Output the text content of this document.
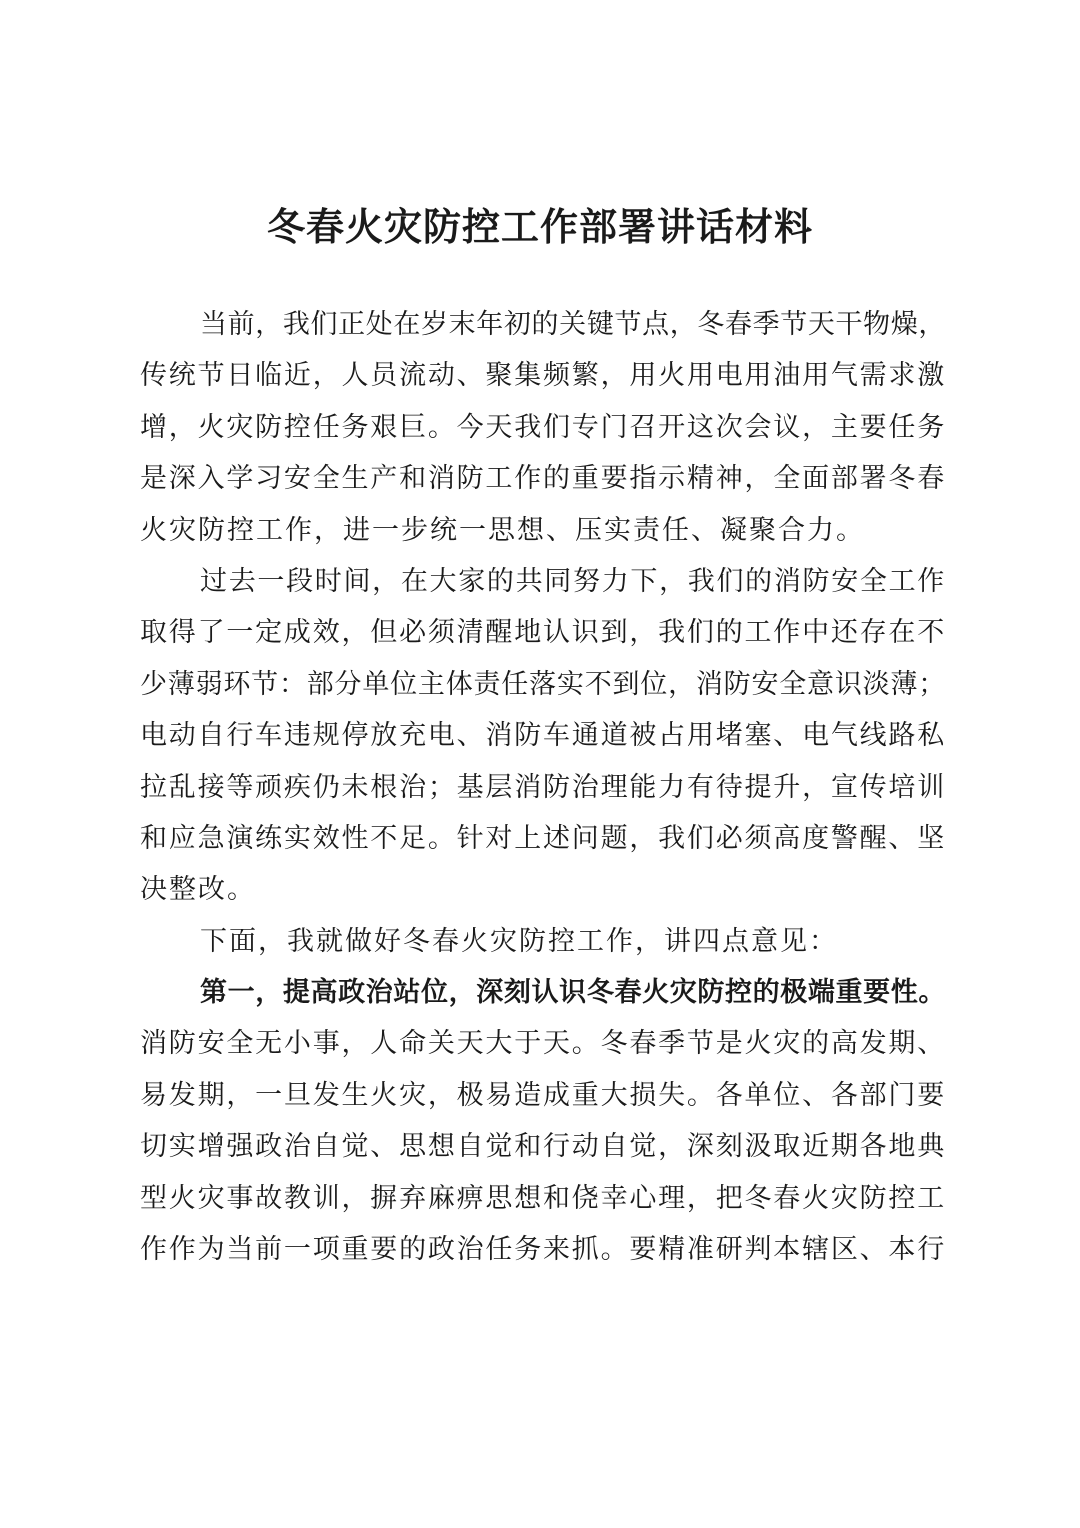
冬春火灾防控工作部署讲话材料
当前，我们正处在岁末年初的关键节点，冬春季节天干物燥，
传统节日临近，人员流动、聚集频繁，用火用电用油用气需求激
增，火灾防控任务艰巨。今天我们专门召开这次会议，主要任务
是深入学习安全生产和消防工作的重要指示精神，全面部署冬春
火灾防控工作，进一步统一思想、压实责任、凝聚合力。
过去一段时间，在大家的共同努力下，我们的消防安全工作
取得了一定成效，但必须清醒地认识到，我们的工作中还存在不
少薄弱环节：部分单位主体责任落实不到位，消防安全意识淡薄；
电动自行车违规停放充电、消防车通道被占用堵塞、电气线路私
拉乱接等顽疾仍未根治；基层消防治理能力有待提升，宣传培训
和应急演练实效性不足。针对上述问题，我们必须高度警醒、坚
决整改。
下面，我就做好冬春火灾防控工作，讲四点意见：
第一，提高政治站位，深刻认识冬春火灾防控的极端重要性。
消防安全无小事，人命关天大于天。冬春季节是火灾的高发期、
易发期，一旦发生火灾，极易造成重大损失。各单位、各部门要
切实增强政治自觉、思想自觉和行动自觉，深刻汲取近期各地典
型火灾事故教训，摒弃麻痹思想和侥幸心理，把冬春火灾防控工
作作为当前一项重要的政治任务来抓。要精准研判本辖区、本行
